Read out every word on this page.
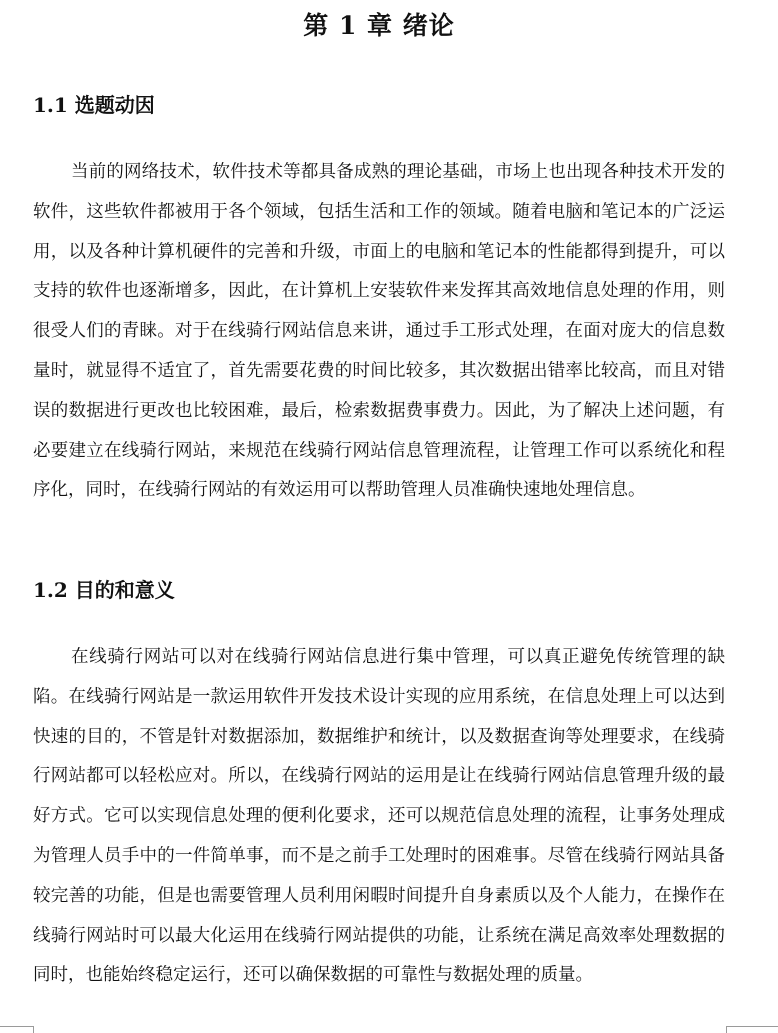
第 1 章 绪论
1.1 选题动因

当前的网络技术，软件技术等都具备成熟的理论基础，市场上也出现各种技术开发的软件，这些软件都被用于各个领域，包括生活和工作的领域。随着电脑和笔记本的广泛运用，以及各种计算机硬件的完善和升级，市面上的电脑和笔记本的性能都得到提升，可以支持的软件也逐渐增多，因此，在计算机上安装软件来发挥其高效地信息处理的作用，则很受人们的青睐。对于在线骑行网站信息来讲，通过手工形式处理，在面对庞大的信息数量时，就显得不适宜了，首先需要花费的时间比较多，其次数据出错率比较高，而且对错误的数据进行更改也比较困难，最后，检索数据费事费力。因此，为了解决上述问题，有必要建立在线骑行网站，来规范在线骑行网站信息管理流程，让管理工作可以系统化和程序化，同时，在线骑行网站的有效运用可以帮助管理人员准确快速地处理信息。

1.2 目的和意义

在线骑行网站可以对在线骑行网站信息进行集中管理，可以真正避免传统管理的缺陷。在线骑行网站是一款运用软件开发技术设计实现的应用系统，在信息处理上可以达到快速的目的，不管是针对数据添加，数据维护和统计，以及数据查询等处理要求，在线骑行网站都可以轻松应对。所以，在线骑行网站的运用是让在线骑行网站信息管理升级的最好方式。它可以实现信息处理的便利化要求，还可以规范信息处理的流程，让事务处理成为管理人员手中的一件简单事，而不是之前手工处理时的困难事。尽管在线骑行网站具备较完善的功能，但是也需要管理人员利用闲暇时间提升自身素质以及个人能力，在操作在线骑行网站时可以最大化运用在线骑行网站提供的功能，让系统在满足高效率处理数据的同时，也能始终稳定运行，还可以确保数据的可靠性与数据处理的质量。
